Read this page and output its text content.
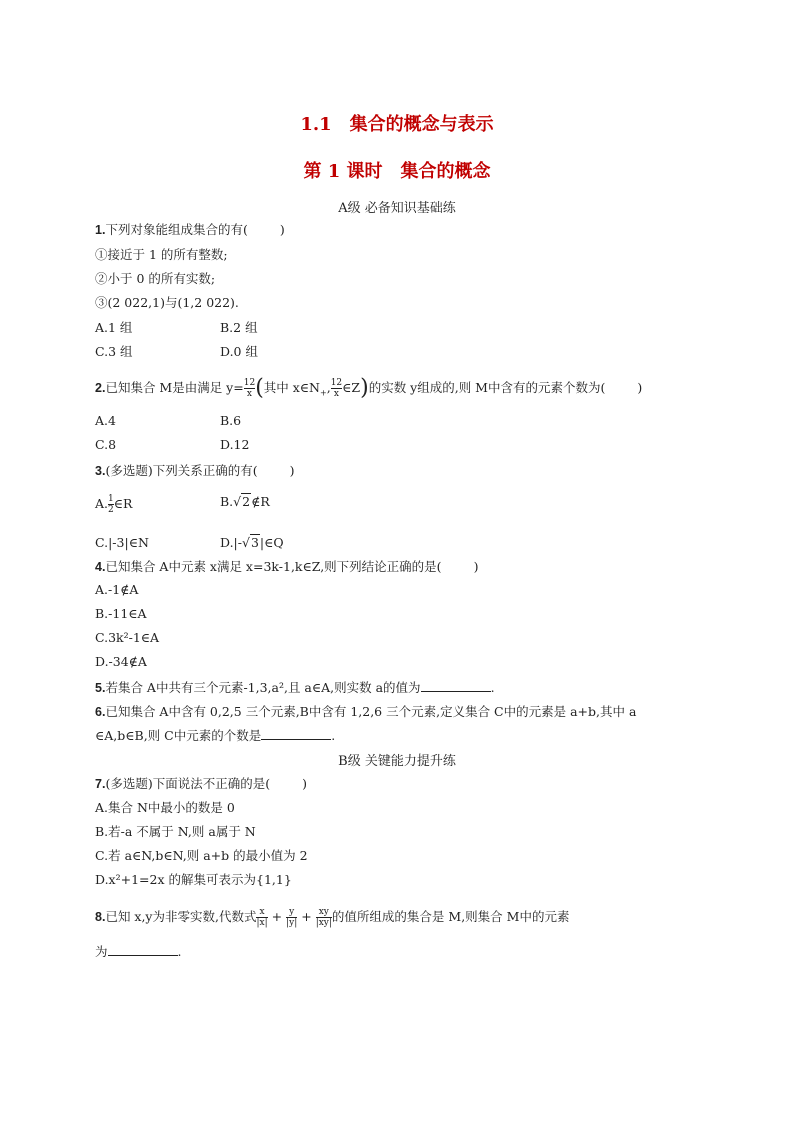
1.1　集合的概念与表示
第 1 课时　集合的概念
A级 必备知识基础练
1.下列对象能组成集合的有(	)
①接近于 1 的所有整数;
②小于 0 的所有实数;
③(2 022,1)与(1,2 022).
A.1 组	B.2 组
C.3 组	D.0 组
2.已知集合 M是由满足 $y= \frac{12}{x}$ (其中 $x\in N_+$, $\frac{12}{x}$ ∈Z)的实数 y组成的,则 M中含有的元素个数为(	)
A.4	B.6
C.8	D.12
3.(多选题)下列关系正确的有(	)
A. $\frac{1}{2}$ ∈R	B.√2∉R
C.|-3|∈N	D.|-√3|∈Q
4.已知集合 A中元素 x满足 x=3k-1,k∈Z,则下列结论正确的是(	)
A.-1∉A
B.-11∈A
C.3k²-1∈A
D.-34∉A
5.若集合 A中共有三个元素-1,3,a²,且 a∈A,则实数 a的值为	.
6.已知集合 A中含有 0,2,5 三个元素,B中含有 1,2,6 三个元素,定义集合 C中的元素是 a+b,其中 a
∈A,b∈B,则 C中元素的个数是	.
B级 关键能力提升练
7.(多选题)下面说法不正确的是(	)
A.集合 N中最小的数是 0
B.若-a 不属于 N,则 a属于 N
C.若 a∈N,b∈N,则 a+b 的最小值为 2
D.x²+1=2x 的解集可表示为{1,1}
8.已知 x,y为非零实数,代数式 $\frac{x}{|x|} + \frac{y}{|y|} + \frac{xy}{|xy|}$ 的值所组成的集合是 M,则集合 M中的元素
为	.
